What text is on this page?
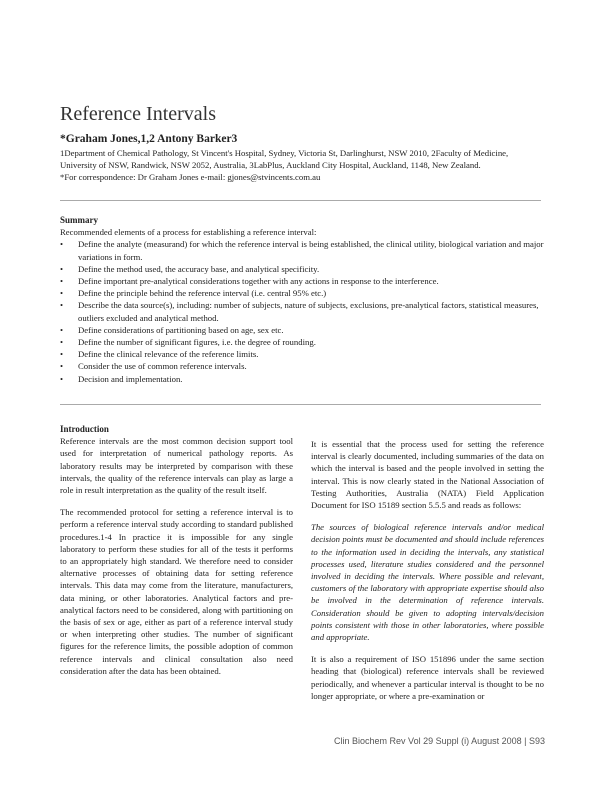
Reference Intervals
*Graham Jones,1,2 Antony Barker3
1Department of Chemical Pathology, St Vincent's Hospital, Sydney, Victoria St, Darlinghurst, NSW 2010, 2Faculty of Medicine, University of NSW, Randwick, NSW 2052, Australia, 3LabPlus, Auckland City Hospital, Auckland, 1148, New Zealand.
*For correspondence: Dr Graham Jones e-mail: gjones@stvincents.com.au
Summary
Recommended elements of a process for establishing a reference interval:
• Define the analyte (measurand) for which the reference interval is being established, the clinical utility, biological variation and major variations in form.
• Define the method used, the accuracy base, and analytical specificity.
• Define important pre-analytical considerations together with any actions in response to the interference.
• Define the principle behind the reference interval (i.e. central 95% etc.)
• Describe the data source(s), including: number of subjects, nature of subjects, exclusions, pre-analytical factors, statistical measures, outliers excluded and analytical method.
• Define considerations of partitioning based on age, sex etc.
• Define the number of significant figures, i.e. the degree of rounding.
• Define the clinical relevance of the reference limits.
• Consider the use of common reference intervals.
• Decision and implementation.
Introduction

Reference intervals are the most common decision support tool used for interpretation of numerical pathology reports. As laboratory results may be interpreted by comparison with these intervals, the quality of the reference intervals can play as large a role in result interpretation as the quality of the result itself.

The recommended protocol for setting a reference interval is to perform a reference interval study according to standard published procedures.1-4 In practice it is impossible for any single laboratory to perform these studies for all of the tests it performs to an appropriately high standard. We therefore need to consider alternative processes of obtaining data for setting reference intervals. This data may come from the literature, manufacturers, data mining, or other laboratories. Analytical factors and pre-analytical factors need to be considered, along with partitioning on the basis of sex or age, either as part of a reference interval study or when interpreting other studies. The number of significant figures for the reference limits, the possible adoption of common reference intervals and clinical consultation also need consideration after the data has been obtained.

It is essential that the process used for setting the reference interval is clearly documented, including summaries of the data on which the interval is based and the people involved in setting the interval. This is now clearly stated in the National Association of Testing Authorities, Australia (NATA) Field Application Document for ISO 15189 section 5.5.5 and reads as follows:

The sources of biological reference intervals and/or medical decision points must be documented and should include references to the information used in deciding the intervals, any statistical processes used, literature studies considered and the personnel involved in deciding the intervals. Where possible and relevant, customers of the laboratory with appropriate expertise should also be involved in the determination of reference intervals. Consideration should be given to adopting intervals/decision points consistent with those in other laboratories, where possible and appropriate.

It is also a requirement of ISO 151896 under the same section heading that (biological) reference intervals shall be reviewed periodically, and whenever a particular interval is thought to be no longer appropriate, or where a pre-examination or

Clin Biochem Rev Vol 29 Suppl (i) August 2008 | S93
